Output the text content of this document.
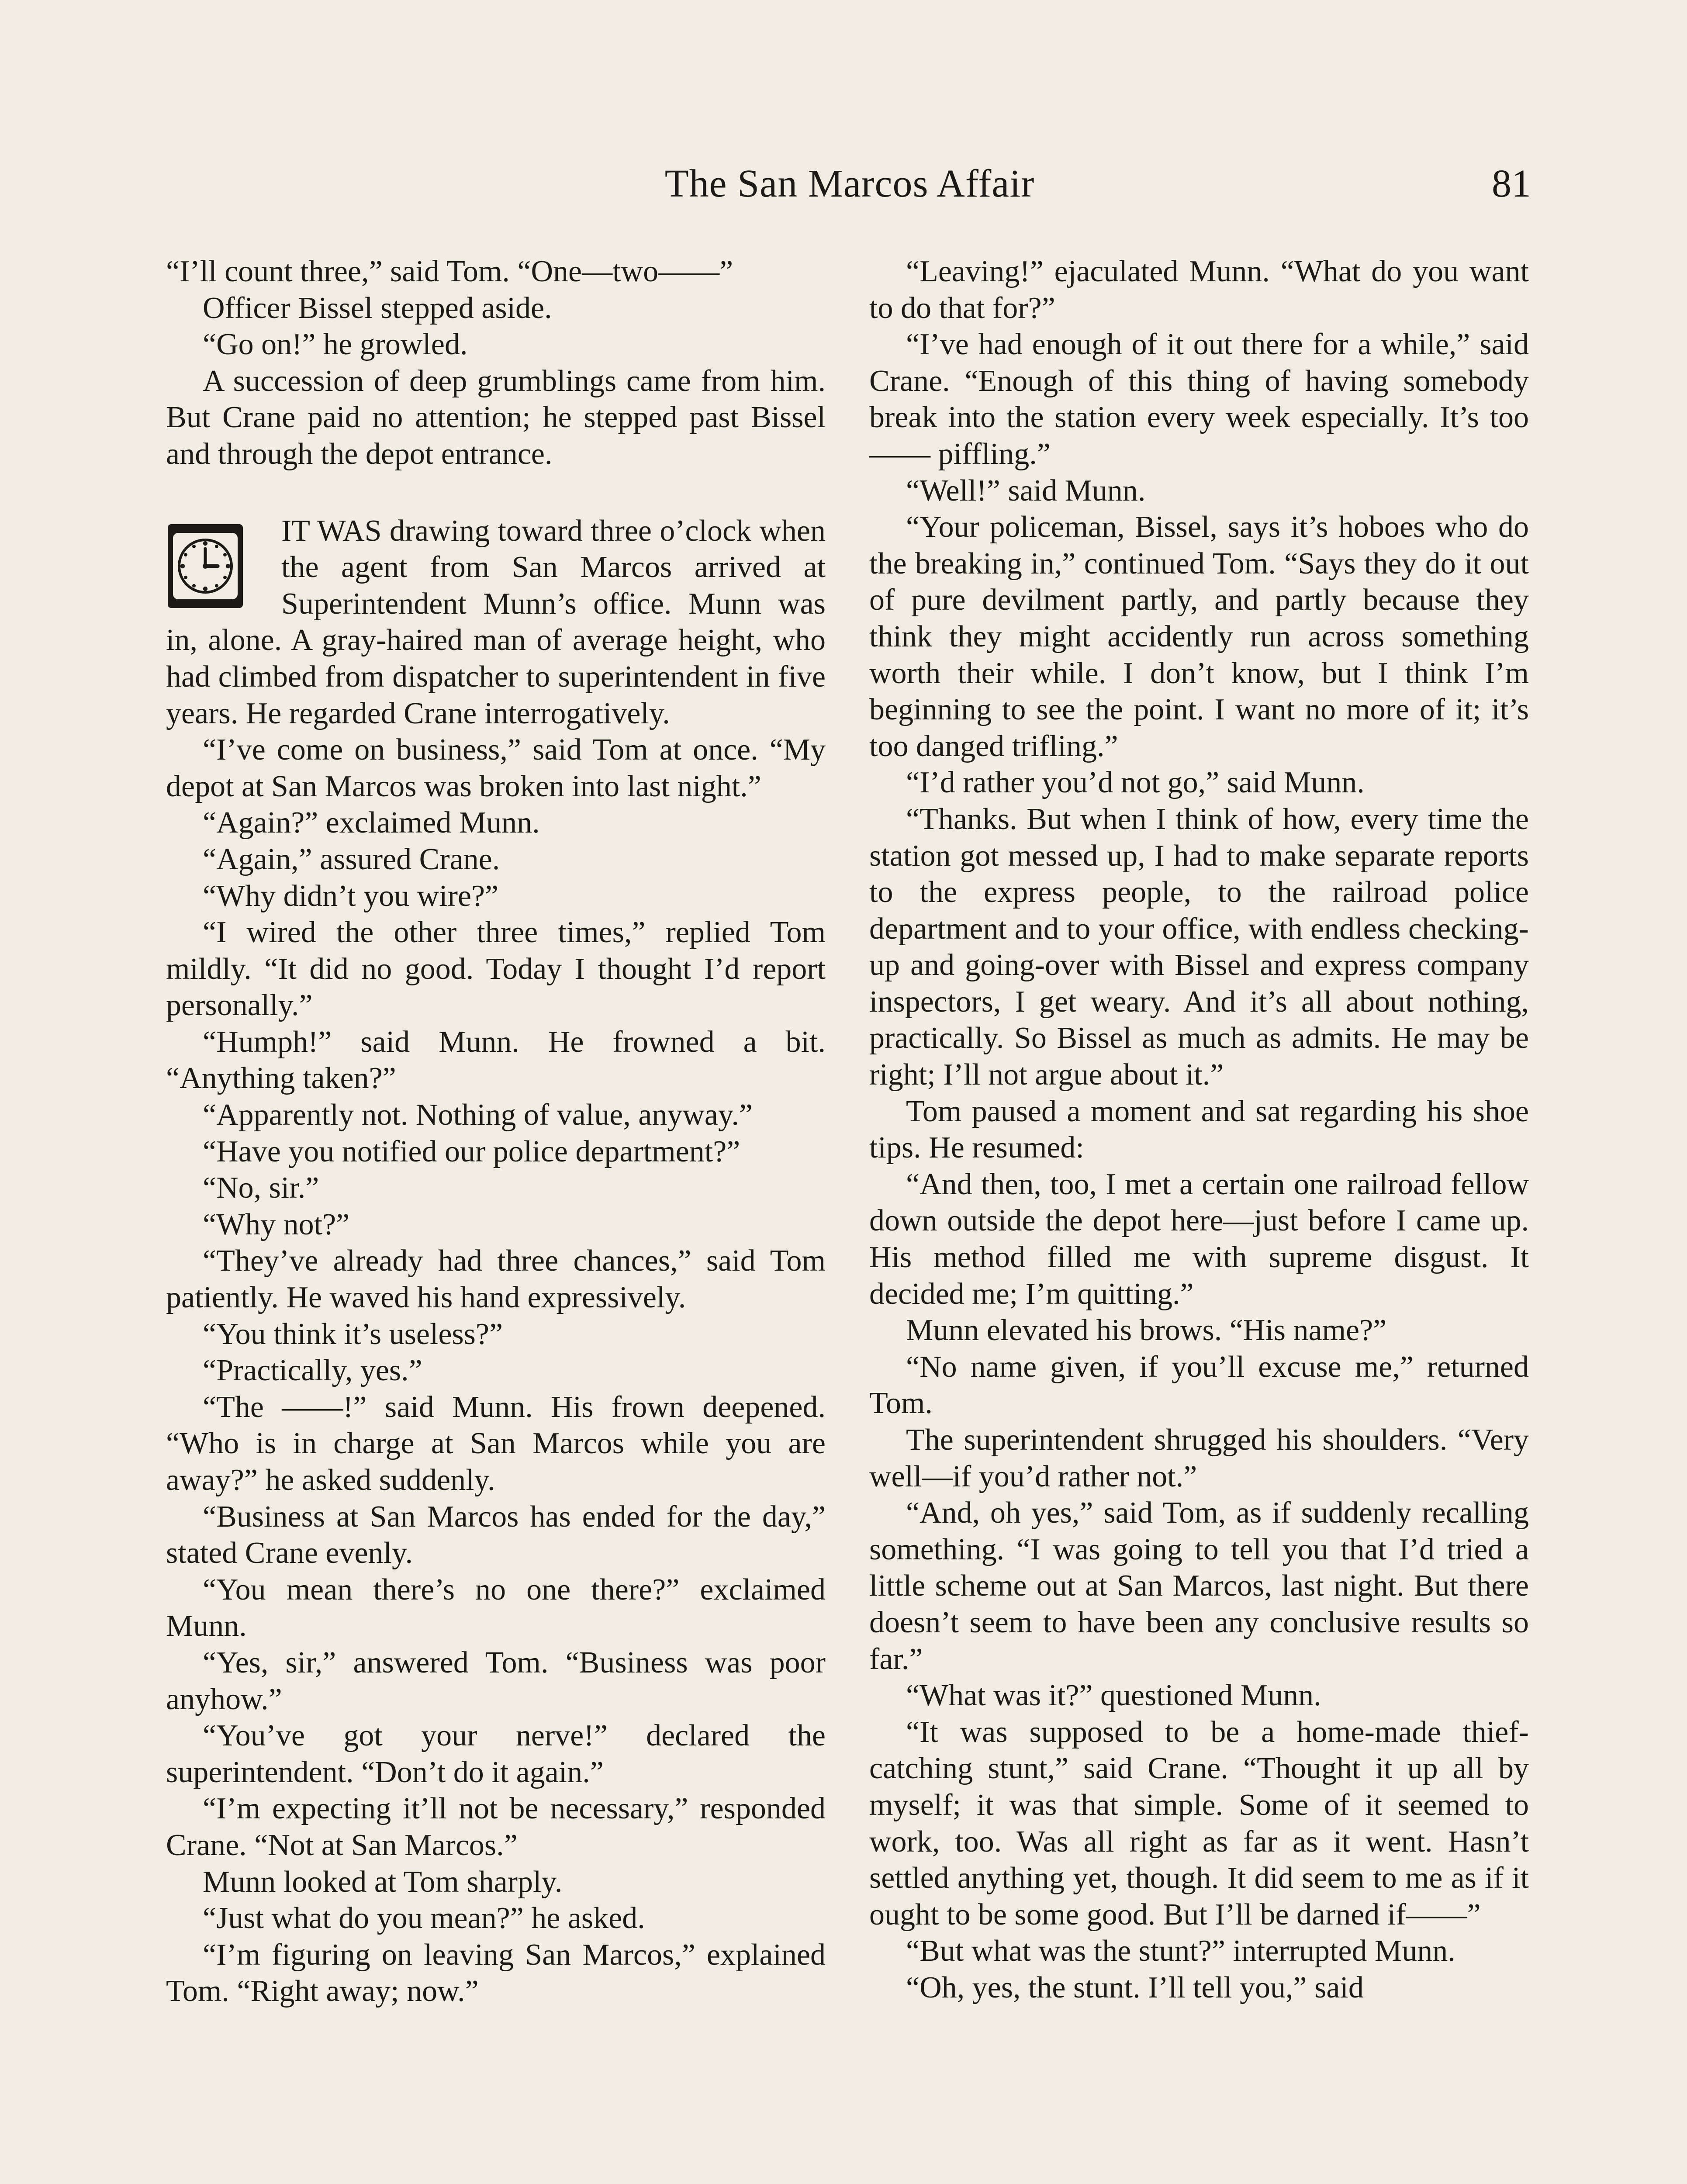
The San Marcos Affair	81

“I’ll count three,” said Tom. “One—two——”

Officer Bissel stepped aside.

“Go on!” he growled.

A succession of deep grumblings came from him. But Crane paid no attention; he stepped past Bissel and through the depot entrance.

IT WAS drawing toward three o’clock when the agent from San Marcos arrived at Superintendent Munn’s office. Munn was in, alone. A gray-haired man of average height, who had climbed from dispatcher to superintendent in five years. He regarded Crane interrogatively.

“I’ve come on business,” said Tom at once. “My depot at San Marcos was broken into last night.”

“Again?” exclaimed Munn.

“Again,” assured Crane.

“Why didn’t you wire?”

“I wired the other three times,” replied Tom mildly. “It did no good. Today I thought I’d report personally.”

“Humph!” said Munn. He frowned a bit. “Anything taken?”

“Apparently not. Nothing of value, anyway.”

“Have you notified our police department?”

“No, sir.”

“Why not?”

“They’ve already had three chances,” said Tom patiently. He waved his hand expressively.

“You think it’s useless?”

“Practically, yes.”

“The ——!” said Munn. His frown deepened. “Who is in charge at San Marcos while you are away?” he asked suddenly.

“Business at San Marcos has ended for the day,” stated Crane evenly.

“You mean there’s no one there?” exclaimed Munn.

“Yes, sir,” answered Tom. “Business was poor anyhow.”

“You’ve got your nerve!” declared the superintendent. “Don’t do it again.”

“I’m expecting it’ll not be necessary,” responded Crane. “Not at San Marcos.”

Munn looked at Tom sharply.

“Just what do you mean?” he asked.

“I’m figuring on leaving San Marcos,” explained Tom. “Right away; now.”

“Leaving!” ejaculated Munn. “What do you want to do that for?”

“I’ve had enough of it out there for a while,” said Crane. “Enough of this thing of having somebody break into the station every week especially. It’s too —— piffling.”

“Well!” said Munn.

“Your policeman, Bissel, says it’s hoboes who do the breaking in,” continued Tom. “Says they do it out of pure devilment partly, and partly because they think they might accidently run across something worth their while. I don’t know, but I think I’m beginning to see the point. I want no more of it; it’s too danged trifling.”

“I’d rather you’d not go,” said Munn.

“Thanks. But when I think of how, every time the station got messed up, I had to make separate reports to the express people, to the railroad police department and to your office, with endless checking-up and going-over with Bissel and express company inspectors, I get weary. And it’s all about nothing, practically. So Bissel as much as admits. He may be right; I’ll not argue about it.”

Tom paused a moment and sat regarding his shoe tips. He resumed:

“And then, too, I met a certain one railroad fellow down outside the depot here—just before I came up. His method filled me with supreme disgust. It decided me; I’m quitting.”

Munn elevated his brows. “His name?”

“No name given, if you’ll excuse me,” returned Tom.

The superintendent shrugged his shoulders. “Very well—if you’d rather not.”

“And, oh yes,” said Tom, as if suddenly recalling something. “I was going to tell you that I’d tried a little scheme out at San Marcos, last night. But there doesn’t seem to have been any conclusive results so far.”

“What was it?” questioned Munn.

“It was supposed to be a home-made thief-catching stunt,” said Crane. “Thought it up all by myself; it was that simple. Some of it seemed to work, too. Was all right as far as it went. Hasn’t settled anything yet, though. It did seem to me as if it ought to be some good. But I’ll be darned if——”

“But what was the stunt?” interrupted Munn.

“Oh, yes, the stunt. I’ll tell you,” said
